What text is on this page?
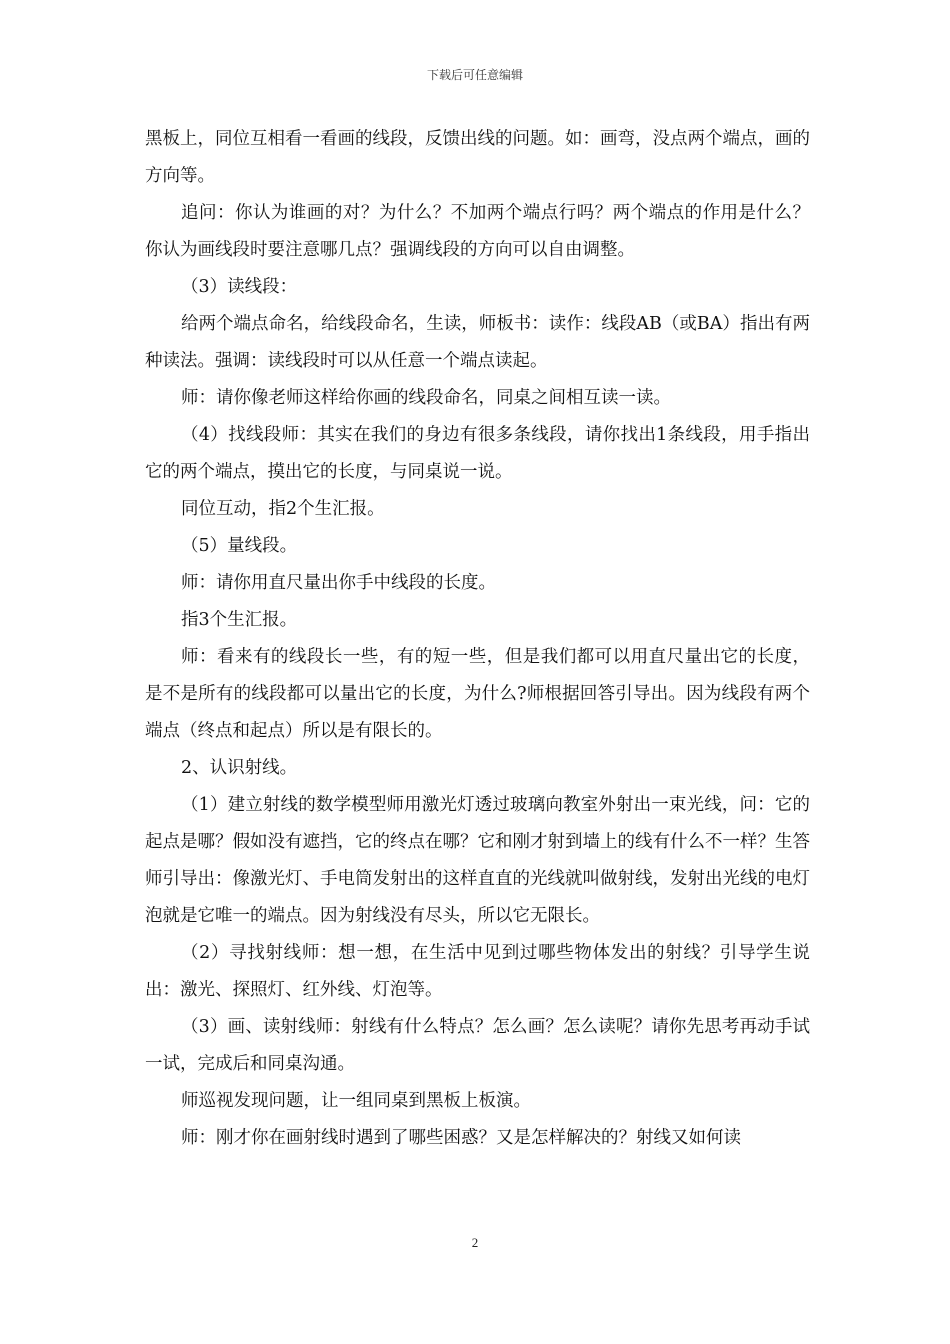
下载后可任意编辑

黑板上，同位互相看一看画的线段，反馈出线的问题。如：画弯，没点两个端点，画的方向等。

追问：你认为谁画的对？为什么？不加两个端点行吗？两个端点的作用是什么？你认为画线段时要注意哪几点？强调线段的方向可以自由调整。

（3）读线段：

给两个端点命名，给线段命名，生读，师板书：读作：线段AB（或BA）指出有两种读法。强调：读线段时可以从任意一个端点读起。

师：请你像老师这样给你画的线段命名，同桌之间相互读一读。

（4）找线段师：其实在我们的身边有很多条线段，请你找出1条线段，用手指出它的两个端点，摸出它的长度，与同桌说一说。

同位互动，指2个生汇报。

（5）量线段。

师：请你用直尺量出你手中线段的长度。

指3个生汇报。

师：看来有的线段长一些，有的短一些，但是我们都可以用直尺量出它的长度，是不是所有的线段都可以量出它的长度，为什么?师根据回答引导出。因为线段有两个端点（终点和起点）所以是有限长的。

2、认识射线。

（1）建立射线的数学模型师用激光灯透过玻璃向教室外射出一束光线，问：它的起点是哪？假如没有遮挡，它的终点在哪？它和刚才射到墙上的线有什么不一样？生答师引导出：像激光灯、手电筒发射出的这样直直的光线就叫做射线，发射出光线的电灯泡就是它唯一的端点。因为射线没有尽头，所以它无限长。

（2）寻找射线师：想一想，在生活中见到过哪些物体发出的射线？引导学生说出：激光、探照灯、红外线、灯泡等。

（3）画、读射线师：射线有什么特点？怎么画？怎么读呢？请你先思考再动手试一试，完成后和同桌沟通。

师巡视发现问题，让一组同桌到黑板上板演。

师：刚才你在画射线时遇到了哪些困惑？又是怎样解决的？射线又如何读

2
